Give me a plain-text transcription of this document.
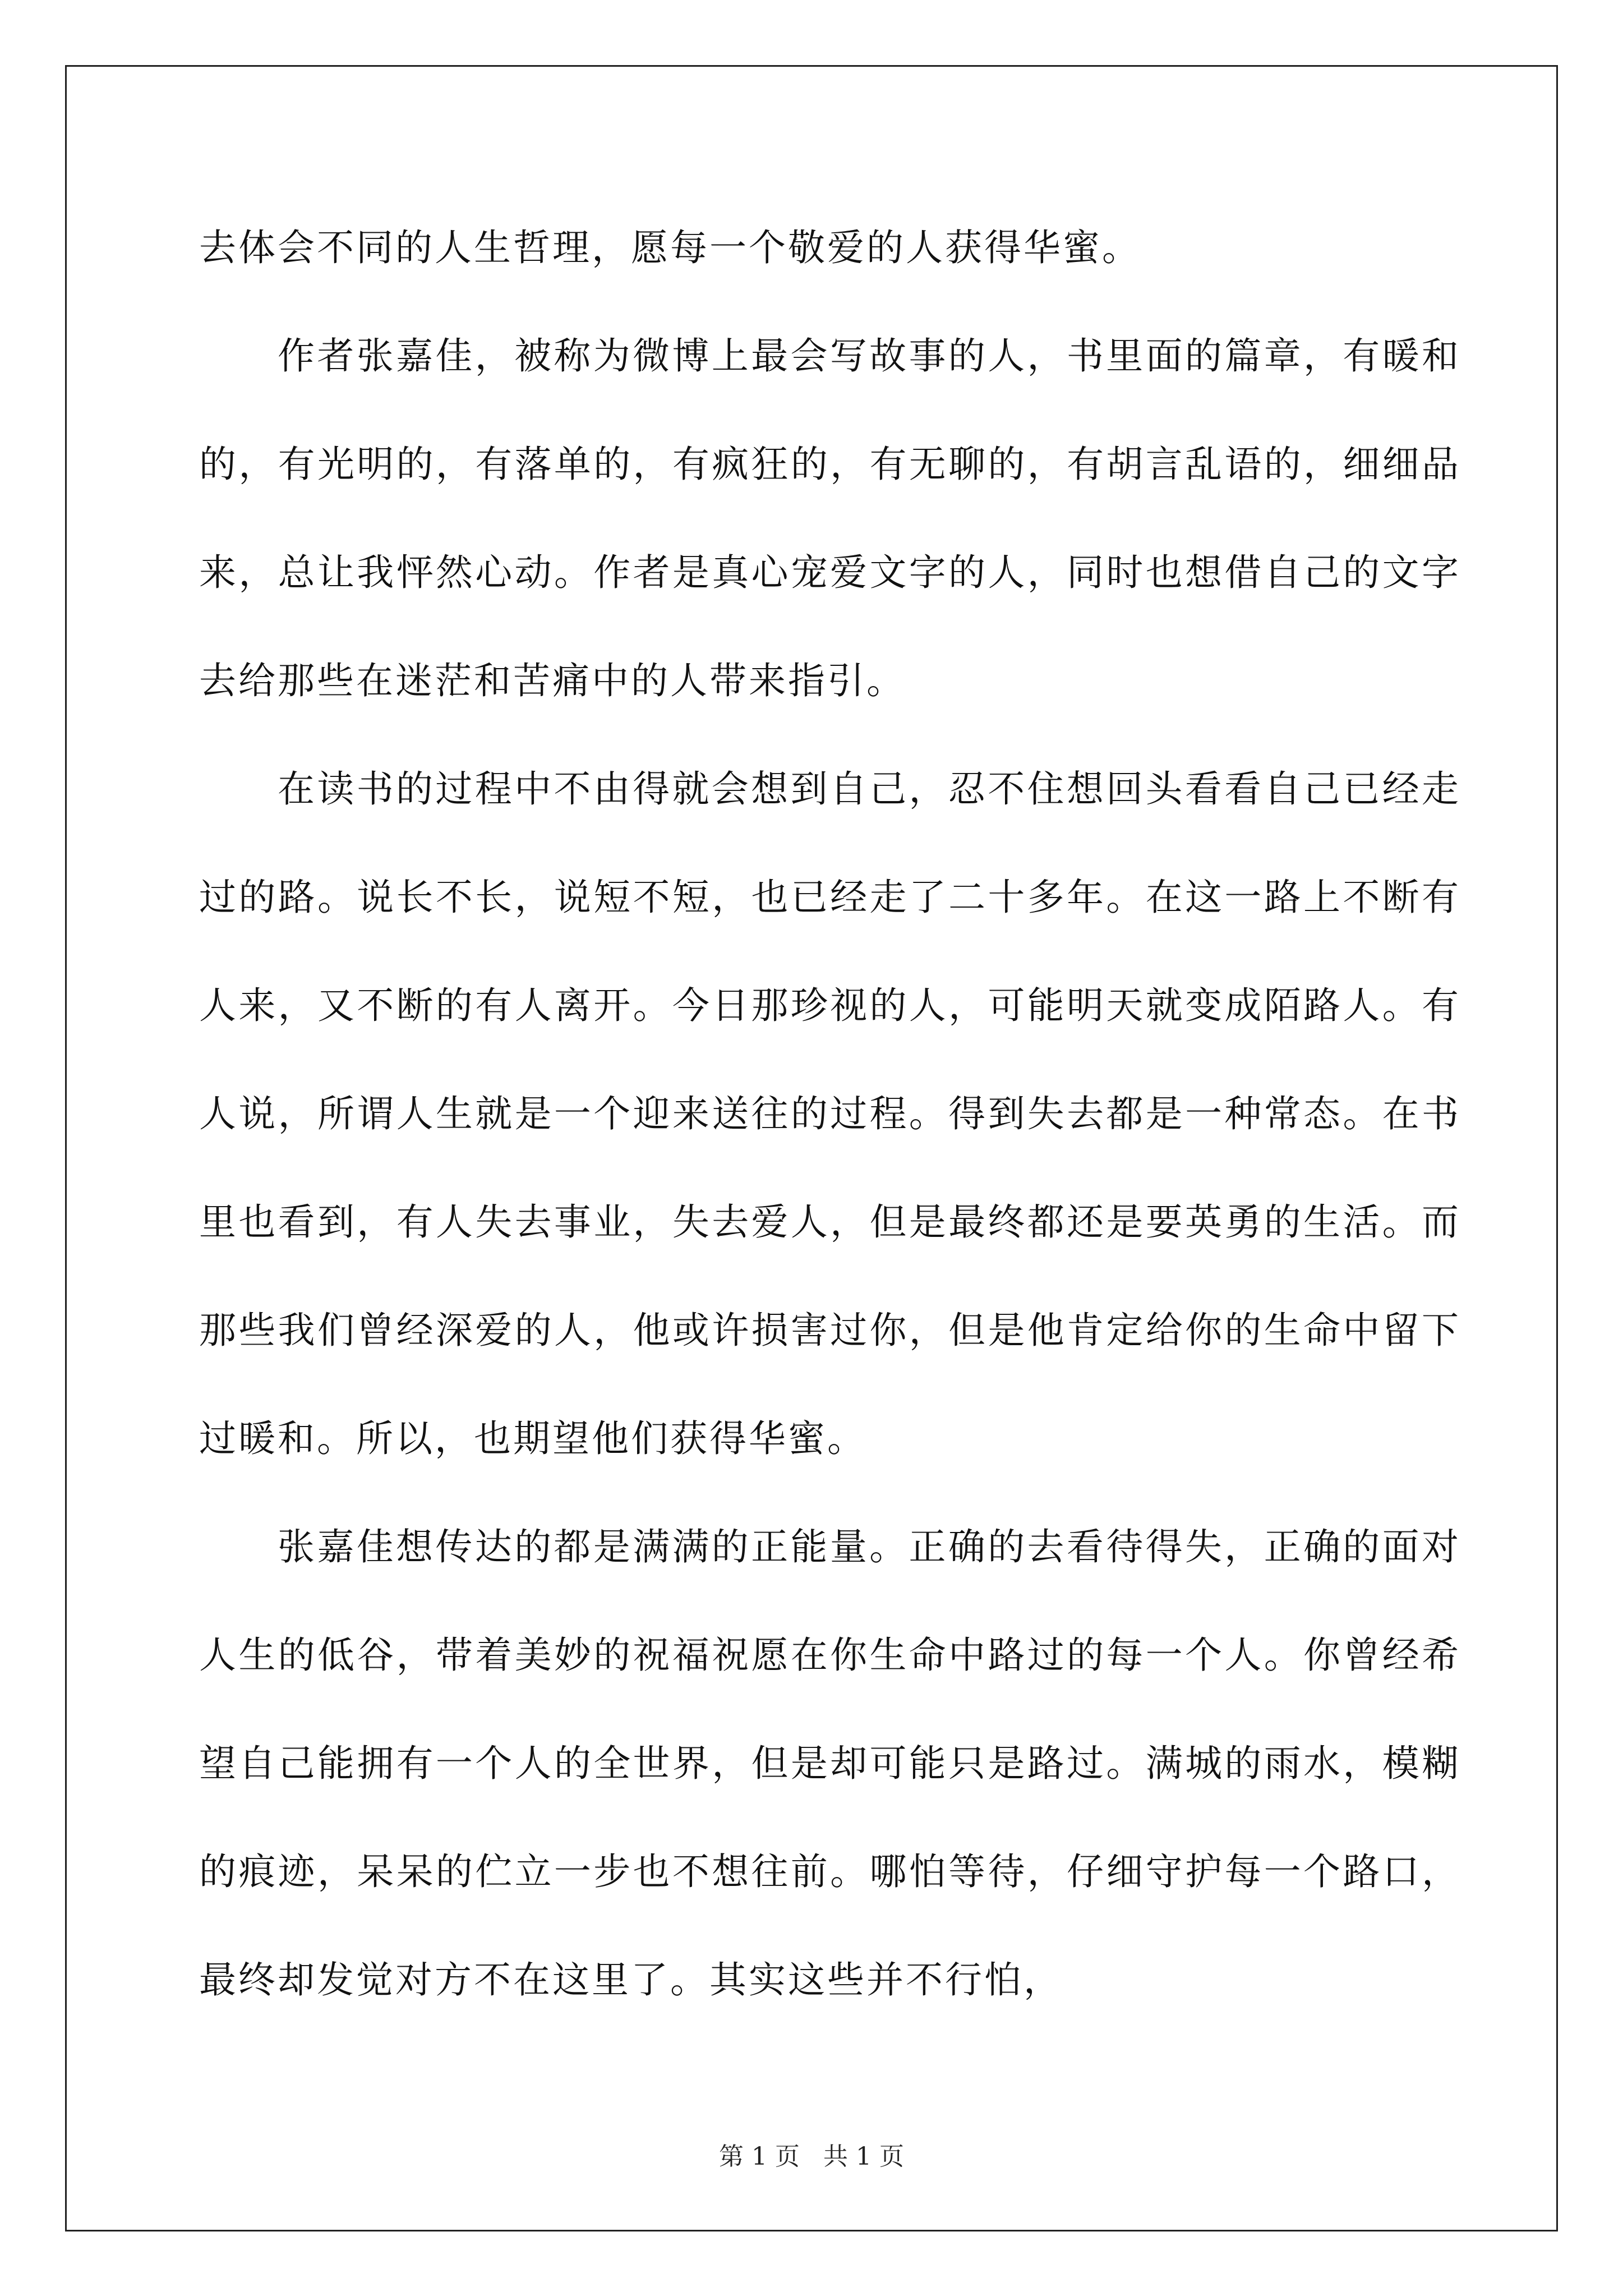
去体会不同的人生哲理，愿每一个敬爱的人获得华蜜。

作者张嘉佳，被称为微博上最会写故事的人，书里面的篇章，有暖和的，有光明的，有落单的，有疯狂的，有无聊的，有胡言乱语的，细细品来，总让我怦然心动。作者是真心宠爱文字的人，同时也想借自己的文字去给那些在迷茫和苦痛中的人带来指引。

在读书的过程中不由得就会想到自己，忍不住想回头看看自己已经走过的路。说长不长，说短不短，也已经走了二十多年。在这一路上不断有人来，又不断的有人离开。今日那珍视的人，可能明天就变成陌路人。有人说，所谓人生就是一个迎来送往的过程。得到失去都是一种常态。在书里也看到，有人失去事业，失去爱人，但是最终都还是要英勇的生活。而那些我们曾经深爱的人，他或许损害过你，但是他肯定给你的生命中留下过暖和。所以，也期望他们获得华蜜。

张嘉佳想传达的都是满满的正能量。正确的去看待得失，正确的面对人生的低谷，带着美妙的祝福祝愿在你生命中路过的每一个人。你曾经希望自己能拥有一个人的全世界，但是却可能只是路过。满城的雨水，模糊的痕迹，呆呆的伫立一步也不想往前。哪怕等待，仔细守护每一个路口，最终却发觉对方不在这里了。其实这些并不行怕，

第 1 页   共 1 页
